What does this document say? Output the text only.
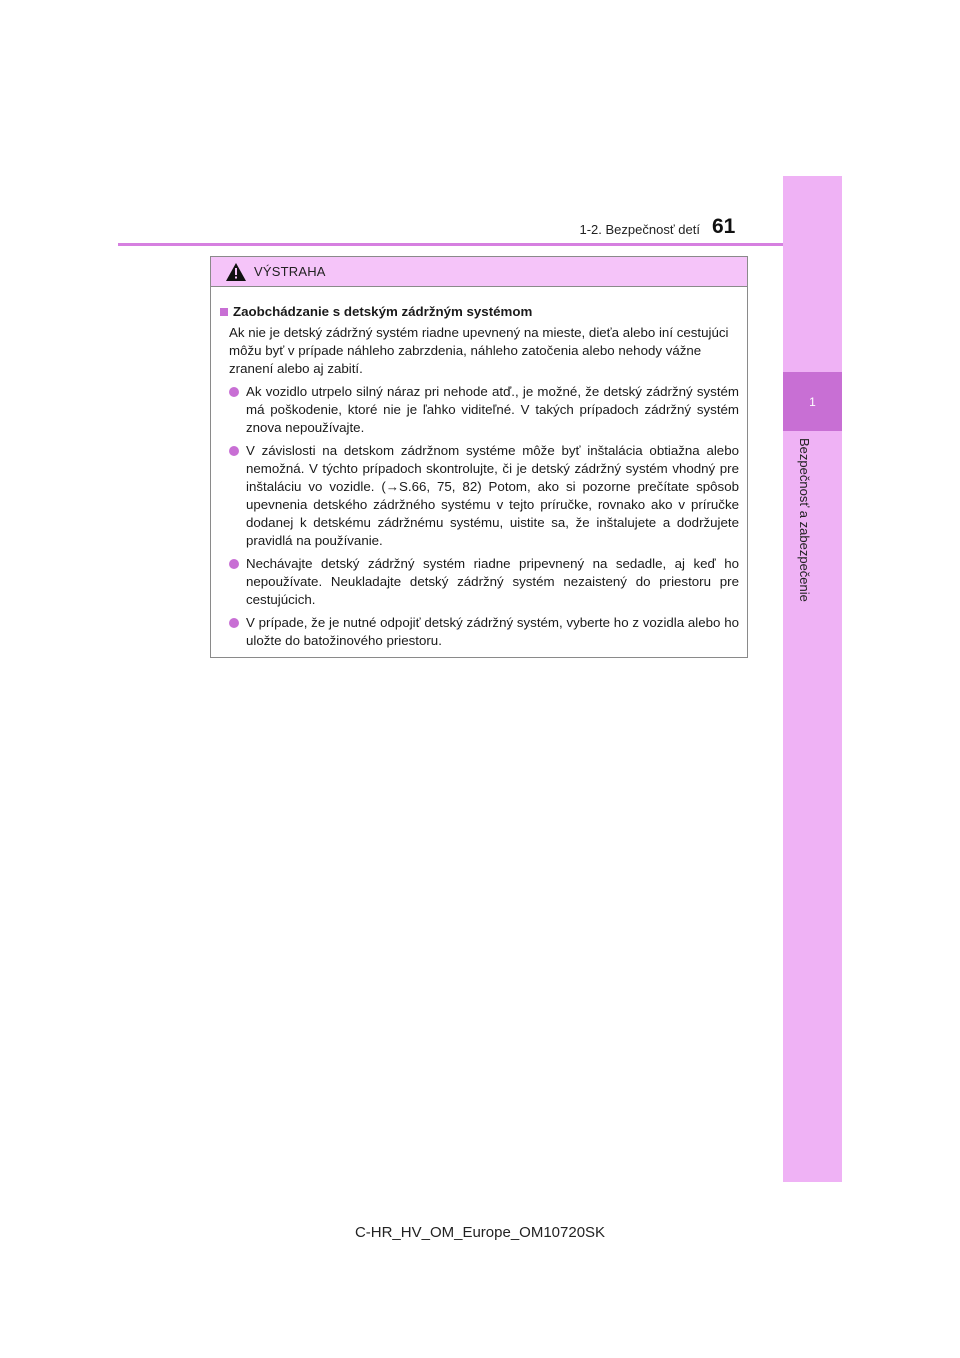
1
Bezpečnosť a zabezpečenie
1-2. Bezpečnosť detí 61
VÝSTRAHA
Zaobchádzanie s detským zádržným systémom
Ak nie je detský zádržný systém riadne upevnený na mieste, dieťa alebo iní cestujúci môžu byť v prípade náhleho zabrzdenia, náhleho zatočenia alebo nehody vážne zranení alebo aj zabití.
Ak vozidlo utrpelo silný náraz pri nehode atď., je možné, že detský zádržný systém má poškodenie, ktoré nie je ľahko viditeľné. V takých prípadoch zádržný systém znova nepoužívajte.
V závislosti na detskom zádržnom systéme môže byť inštalácia obtiažna alebo nemožná. V týchto prípadoch skontrolujte, či je detský zádržný systém vhodný pre inštaláciu vo vozidle. (→S.66, 75, 82) Potom, ako si pozorne prečítate spôsob upevnenia detského zádržného systému v tejto príručke, rovnako ako v príručke dodanej k detskému zádržnému systému, uistite sa, že inštalujete a dodržujete pravidlá na používanie.
Nechávajte detský zádržný systém riadne pripevnený na sedadle, aj keď ho nepoužívate. Neukladajte detský zádržný systém nezaistený do priestoru pre cestujúcich.
V prípade, že je nutné odpojiť detský zádržný systém, vyberte ho z vozidla alebo ho uložte do batožinového priestoru.
C-HR_HV_OM_Europe_OM10720SK
